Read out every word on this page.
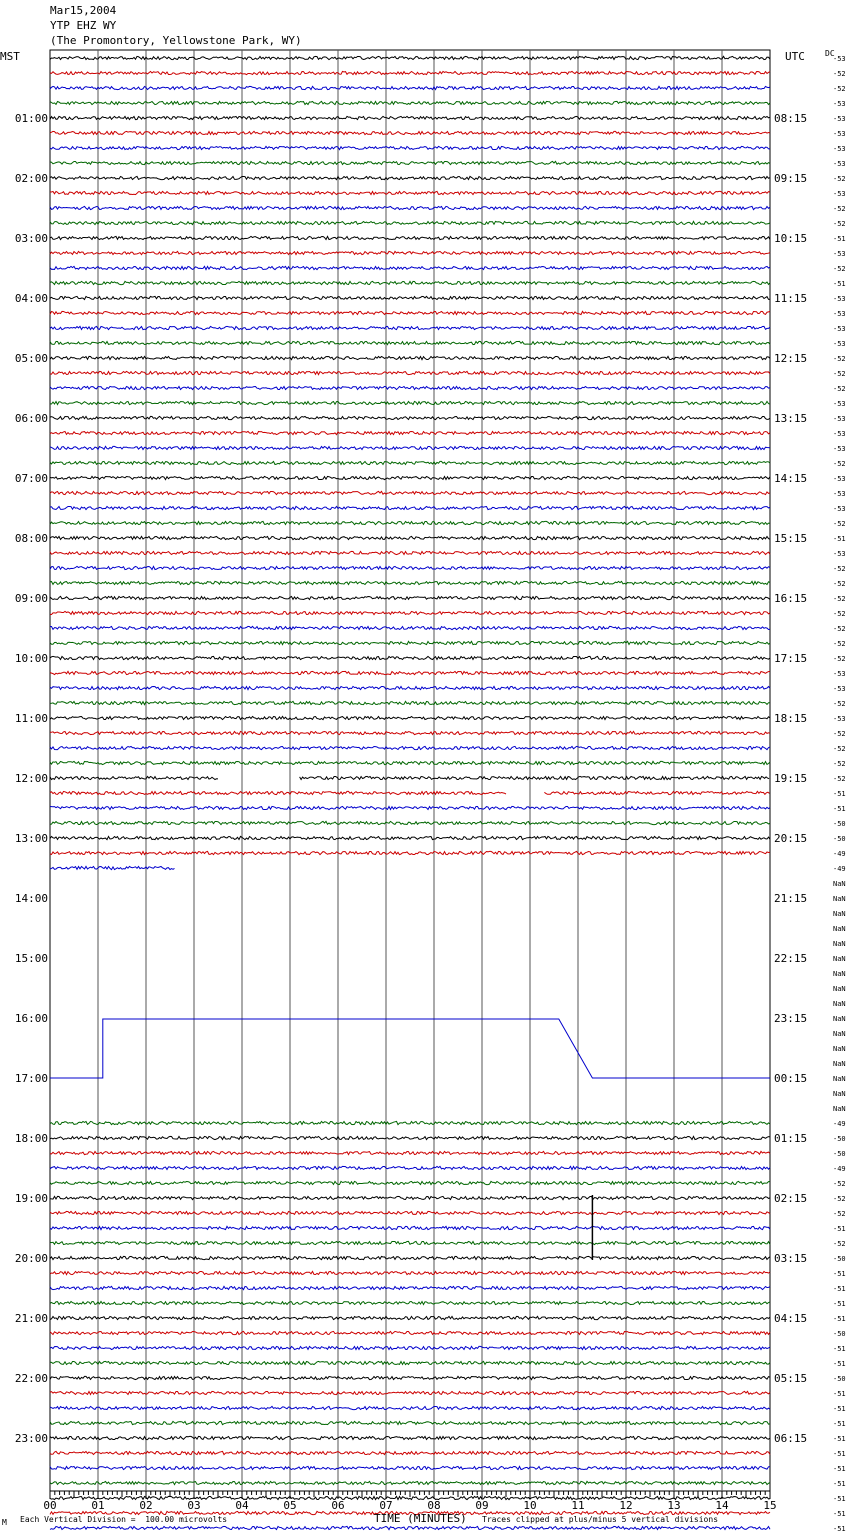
Mar15,2004
YTP EHZ WY
(The Promontory, Yellowstone Park, WY)
MST	UTC	DC
-53
-52
-52
-53
-53
-53
-53
-53
-52
-53
-52
-52
-51
-53
-52
-51
-53
-53
-53
-53
-52
-52
-52
-53
-53
-53
-53
-52
-53
-53
-53
-52
-51
-53
-52
-52
-52
-52
-52
-52
-52
-53
-53
-52
-53
-52
-52
-52
-52
-51
-51
-50
-50
-49
-49
NaN
NaN
NaN
NaN
NaN
NaN
NaN
NaN
NaN
NaN
NaN
NaN
NaN
NaN
NaN
NaN
-49
-50
-50
-49
-52
-52
-52
-51
-52
-50
-51
-51
-51
-51
-50
-51
-51
-50
-51
-51
-51
-51
-51
-51
-51
-51
-51
-51
01:00
02:00
03:00
04:00
05:00
06:00
07:00
08:00
09:00
10:00
11:00
12:00
13:00
14:00
15:00
16:00
17:00
18:00
19:00
20:00
21:00
22:00
23:00
08:15
09:15
10:15
11:15
12:15
13:15
14:15
15:15
16:15
17:15
18:15
19:15
20:15
21:15
22:15
23:15
00:15
01:15
02:15
03:15
04:15
05:15
06:15
00	01	02	03	04	05	06	07	08	09	10	11	12	13	14	15
M Each Vertical Division =  100.00 microvolts	TIME (MINUTES) Traces clipped at plus/minus 5 vertical divisions
